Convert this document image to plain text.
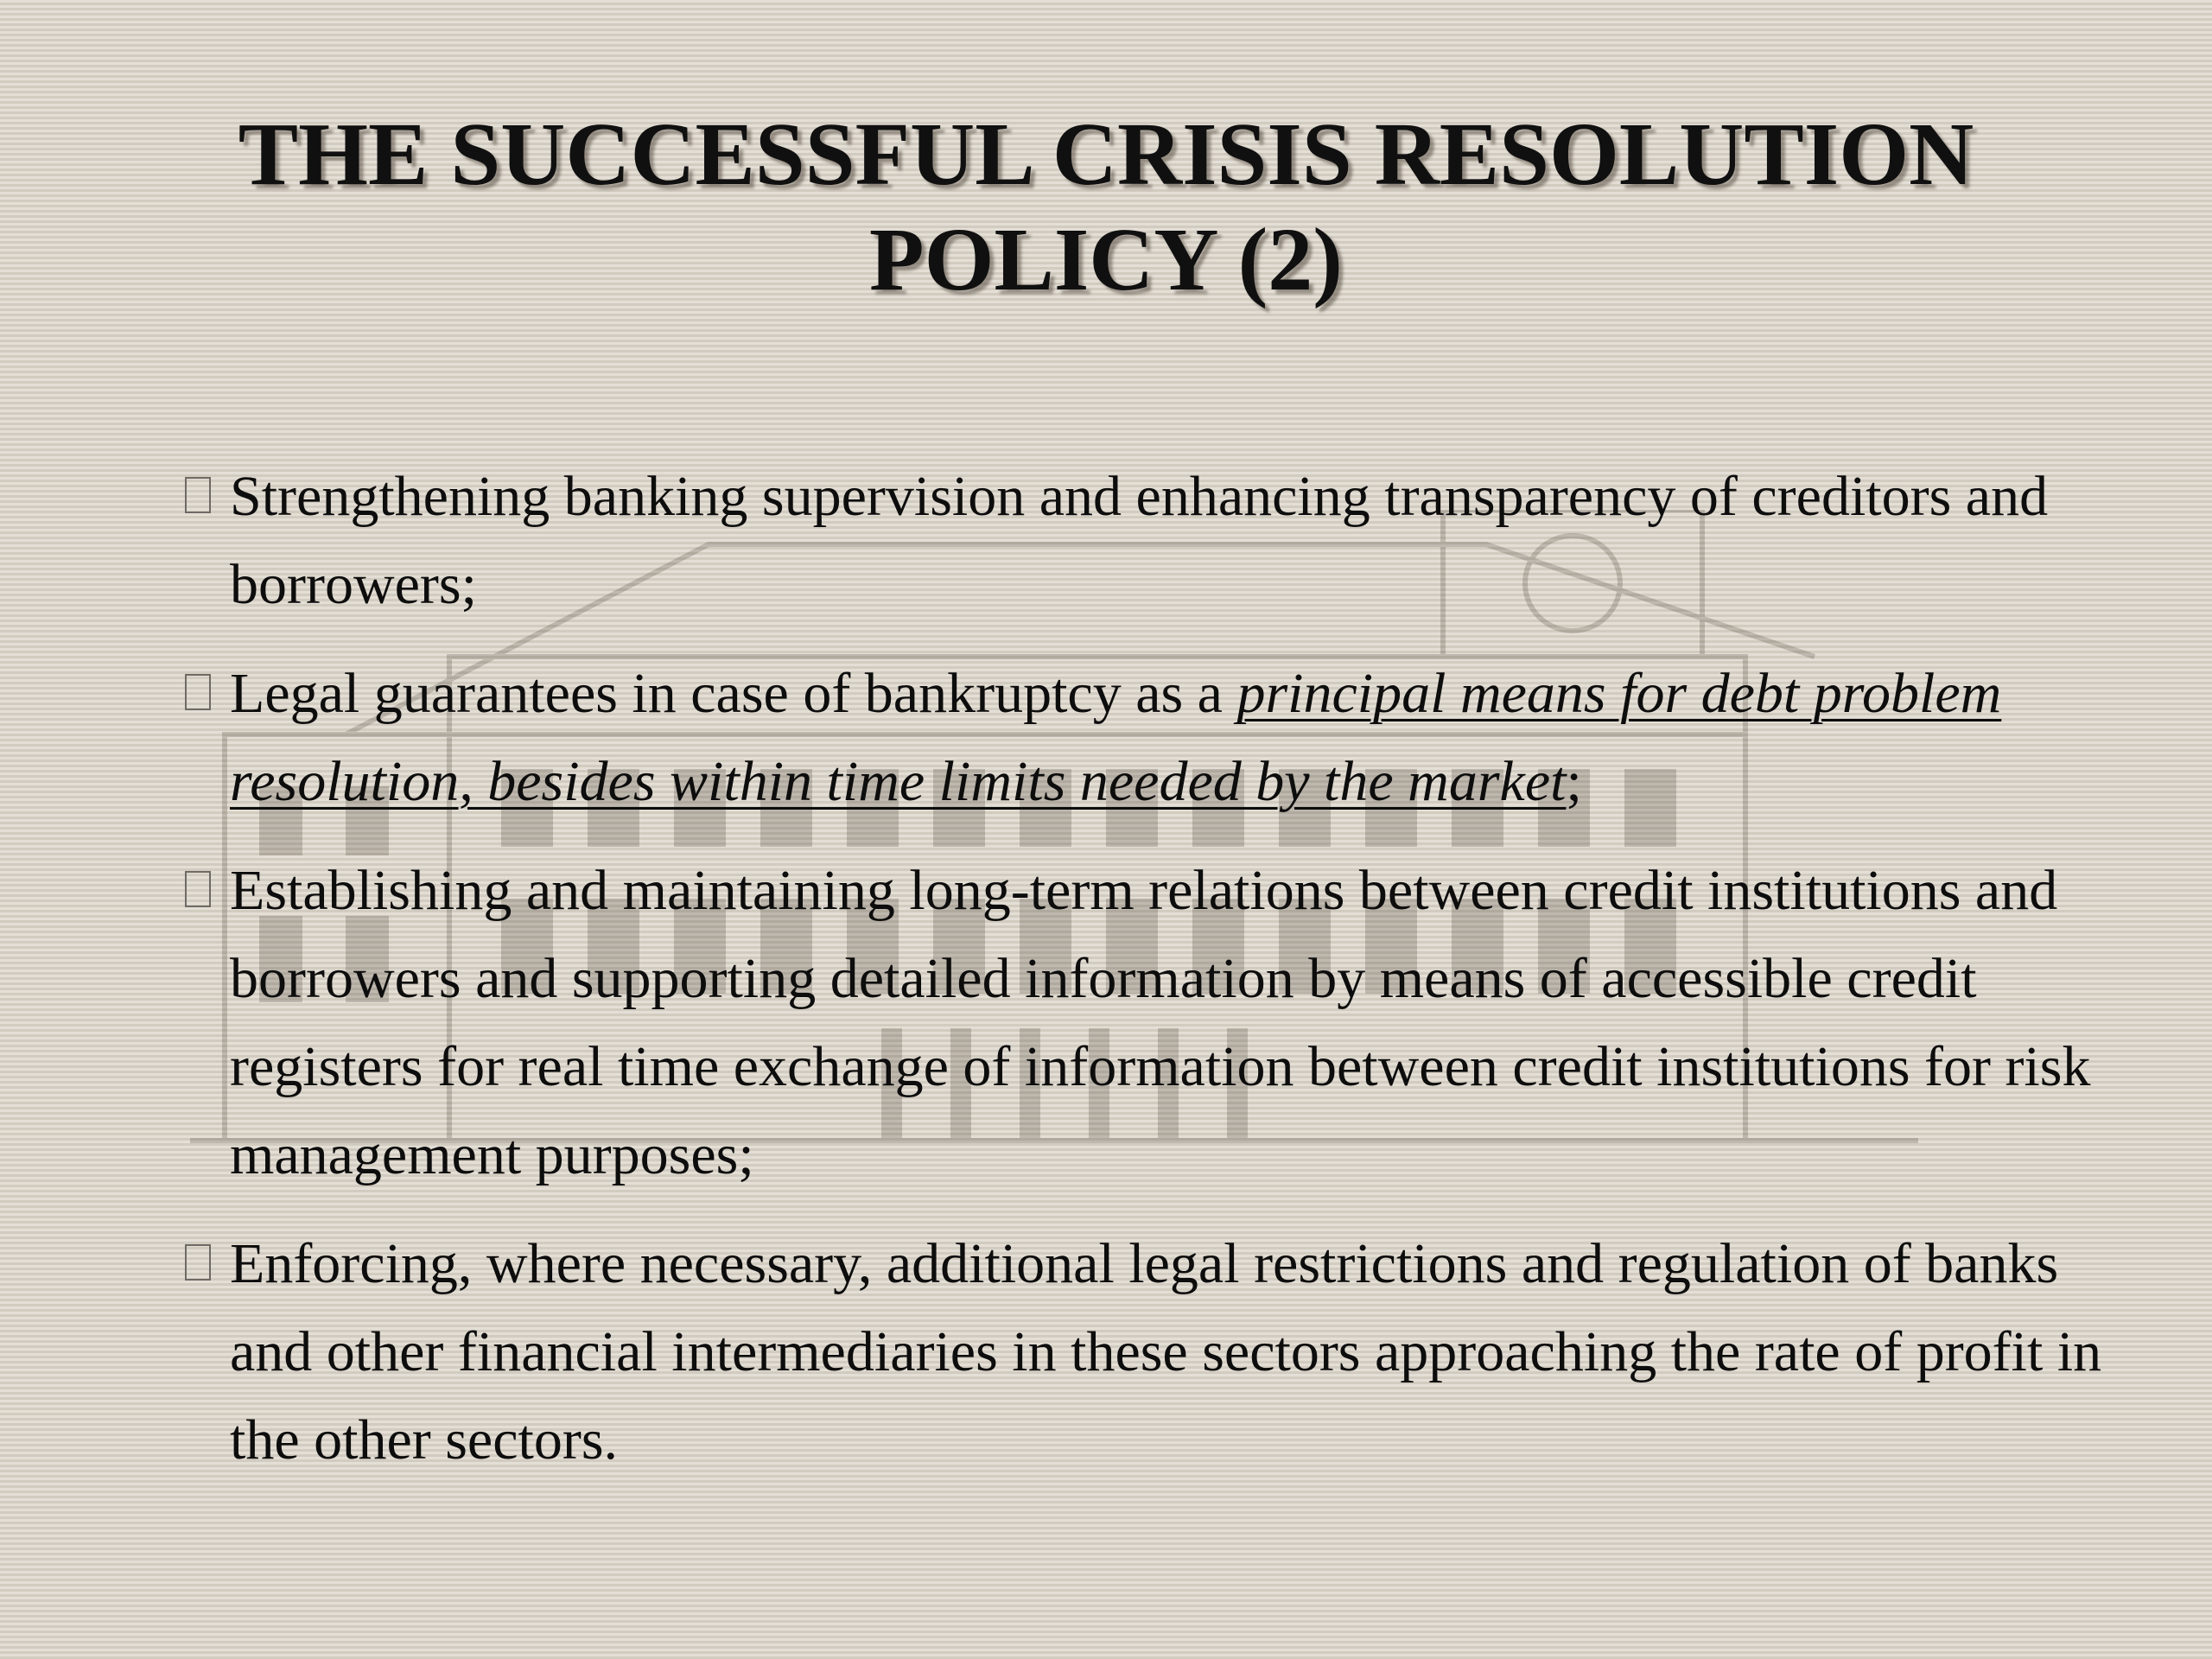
THE SUCCESSFUL CRISIS RESOLUTION
POLICY (2)
Strengthening banking supervision and enhancing transparency of creditors and borrowers;
Legal guarantees in case of bankruptcy as a principal means for debt problem resolution, besides within time limits needed by the market;
Establishing and maintaining long-term relations between credit institutions and borrowers and supporting detailed information by means of accessible credit registers for real time exchange of information between credit institutions for risk management purposes;
Enforcing, where necessary, additional legal restrictions and regulation of banks and other financial intermediaries in these sectors approaching the rate of profit in the other sectors.
